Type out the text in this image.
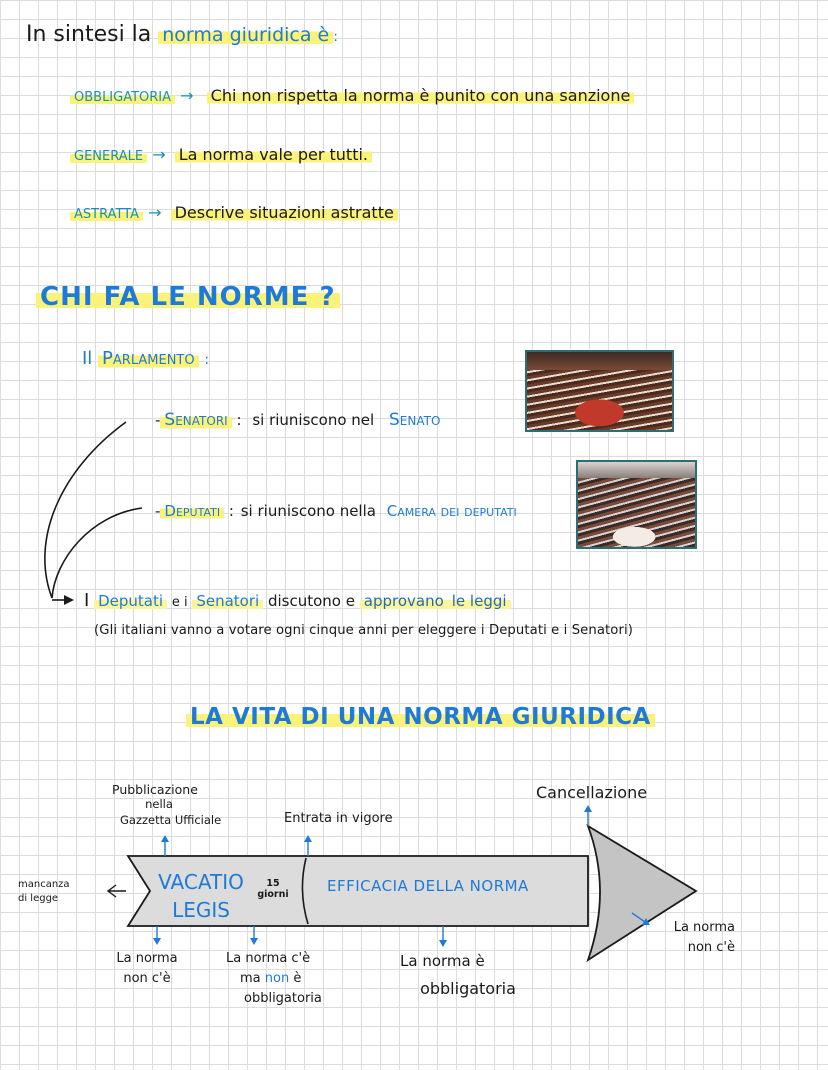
In sintesi la norma giuridica è :
OBBLIGATORIA → Chi non rispetta la norma è punito con una sanzione
GENERALE → La norma vale per tutti.
ASTRATTA → Descrive situazioni astratte
CHI FA LE NORME ?
Il Parlamento :
- Senatori : si riuniscono nel Senato
- Deputati : si riuniscono nella Camera dei deputati
I Deputati e i Senatori discutono e approvano le leggi
(Gli italiani vanno a votare ogni cinque anni per eleggere i Deputati e i Senatori)
LA VITA DI UNA NORMA GIURIDICA
Pubblicazione
nella
Gazzetta Ufficiale	Entrata in vigore
Cancellazione
mancanza
di legge
VACATIO
LEGIS
15
giorni	EFFICACIA DELLA NORMA
La norma
non c'è
La norma c'è
ma non è
obbligatoria
La norma è
obbligatoria
La norma
non c'è
